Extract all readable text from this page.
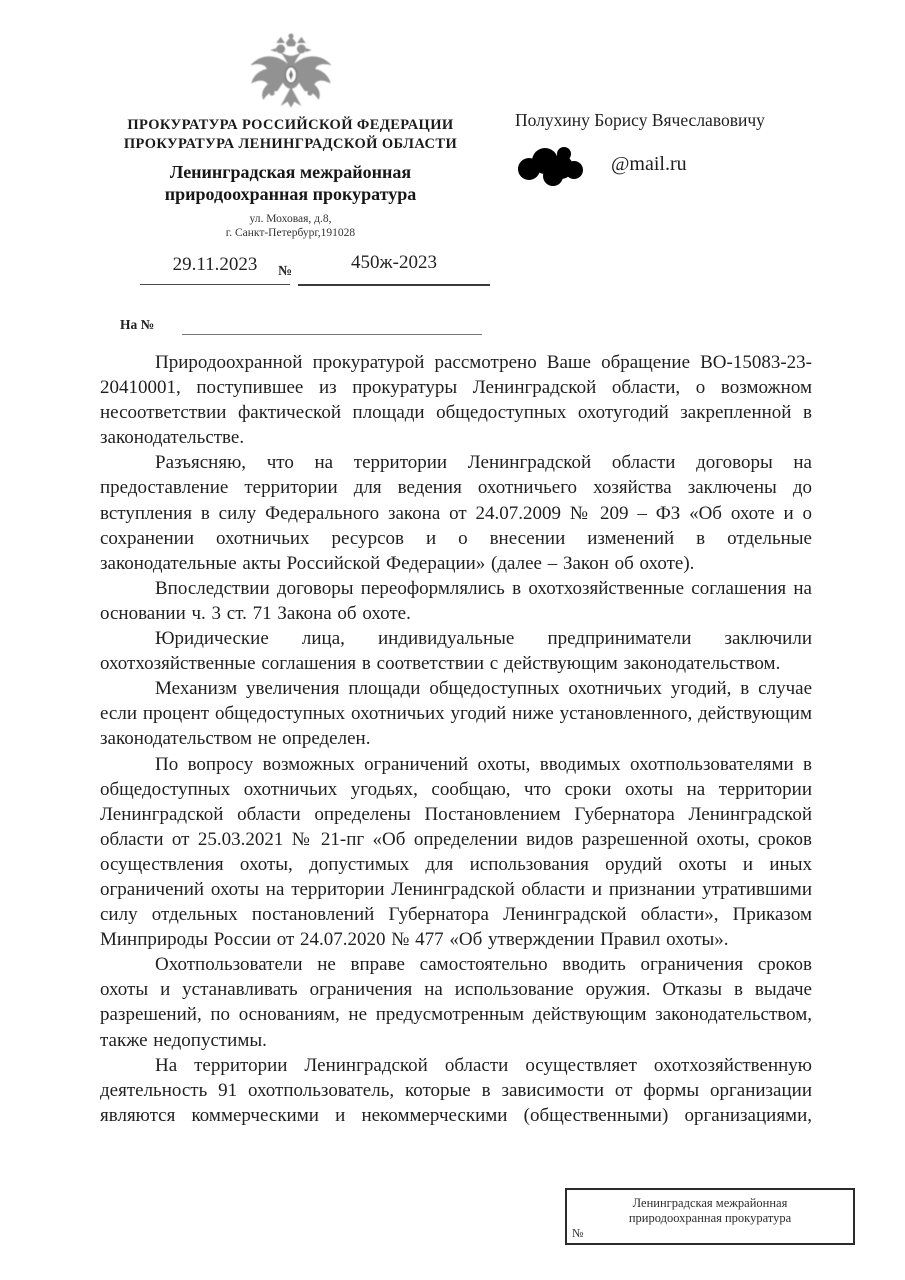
ПРОКУРАТУРА РОССИЙСКОЙ ФЕДЕРАЦИИ
ПРОКУРАТУРА ЛЕНИНГРАДСКОЙ ОБЛАСТИ
Ленинградская межрайонная
природоохранная прокуратура
ул. Моховая, д.8,
г. Санкт-Петербург,191028
Полухину Борису Вячеславовичу
@mail.ru
29.11.2023	№	450ж-2023
На №

Природоохранной прокуратурой рассмотрено Ваше обращение ВО-15083-23-20410001, поступившее из прокуратуры Ленинградской области, о возможном несоответствии фактической площади общедоступных охотугодий закрепленной в законодательстве.

Разъясняю, что на территории Ленинградской области договоры на предоставление территории для ведения охотничьего хозяйства заключены до вступления в силу Федерального закона от 24.07.2009 № 209 – ФЗ «Об охоте и о сохранении охотничьих ресурсов и о внесении изменений в отдельные законодательные акты Российской Федерации» (далее – Закон об охоте).

Впоследствии договоры переоформлялись в охотхозяйственные соглашения на основании ч. 3 ст. 71 Закона об охоте.

Юридические лица, индивидуальные предприниматели заключили охотхозяйственные соглашения в соответствии с действующим законодательством.

Механизм увеличения площади общедоступных охотничьих угодий, в случае если процент общедоступных охотничьих угодий ниже установленного, действующим законодательством не определен.

По вопросу возможных ограничений охоты, вводимых охотпользователями в общедоступных охотничьих угодьях, сообщаю, что сроки охоты на территории Ленинградской области определены Постановлением Губернатора Ленинградской области от 25.03.2021 № 21-пг «Об определении видов разрешенной охоты, сроков осуществления охоты, допустимых для использования орудий охоты и иных ограничений охоты на территории Ленинградской области и признании утратившими силу отдельных постановлений Губернатора Ленинградской области», Приказом Минприроды России от 24.07.2020 № 477 «Об утверждении Правил охоты».

Охотпользователи не вправе самостоятельно вводить ограничения сроков охоты и устанавливать ограничения на использование оружия. Отказы в выдаче разрешений, по основаниям, не предусмотренным действующим законодательством, также недопустимы.

На территории Ленинградской области осуществляет охотхозяйственную деятельность 91 охотпользователь, которые в зависимости от формы организации являются коммерческими и некоммерческими (общественными) организациями,

Ленинградская межрайонная
природоохранная прокуратура
№
